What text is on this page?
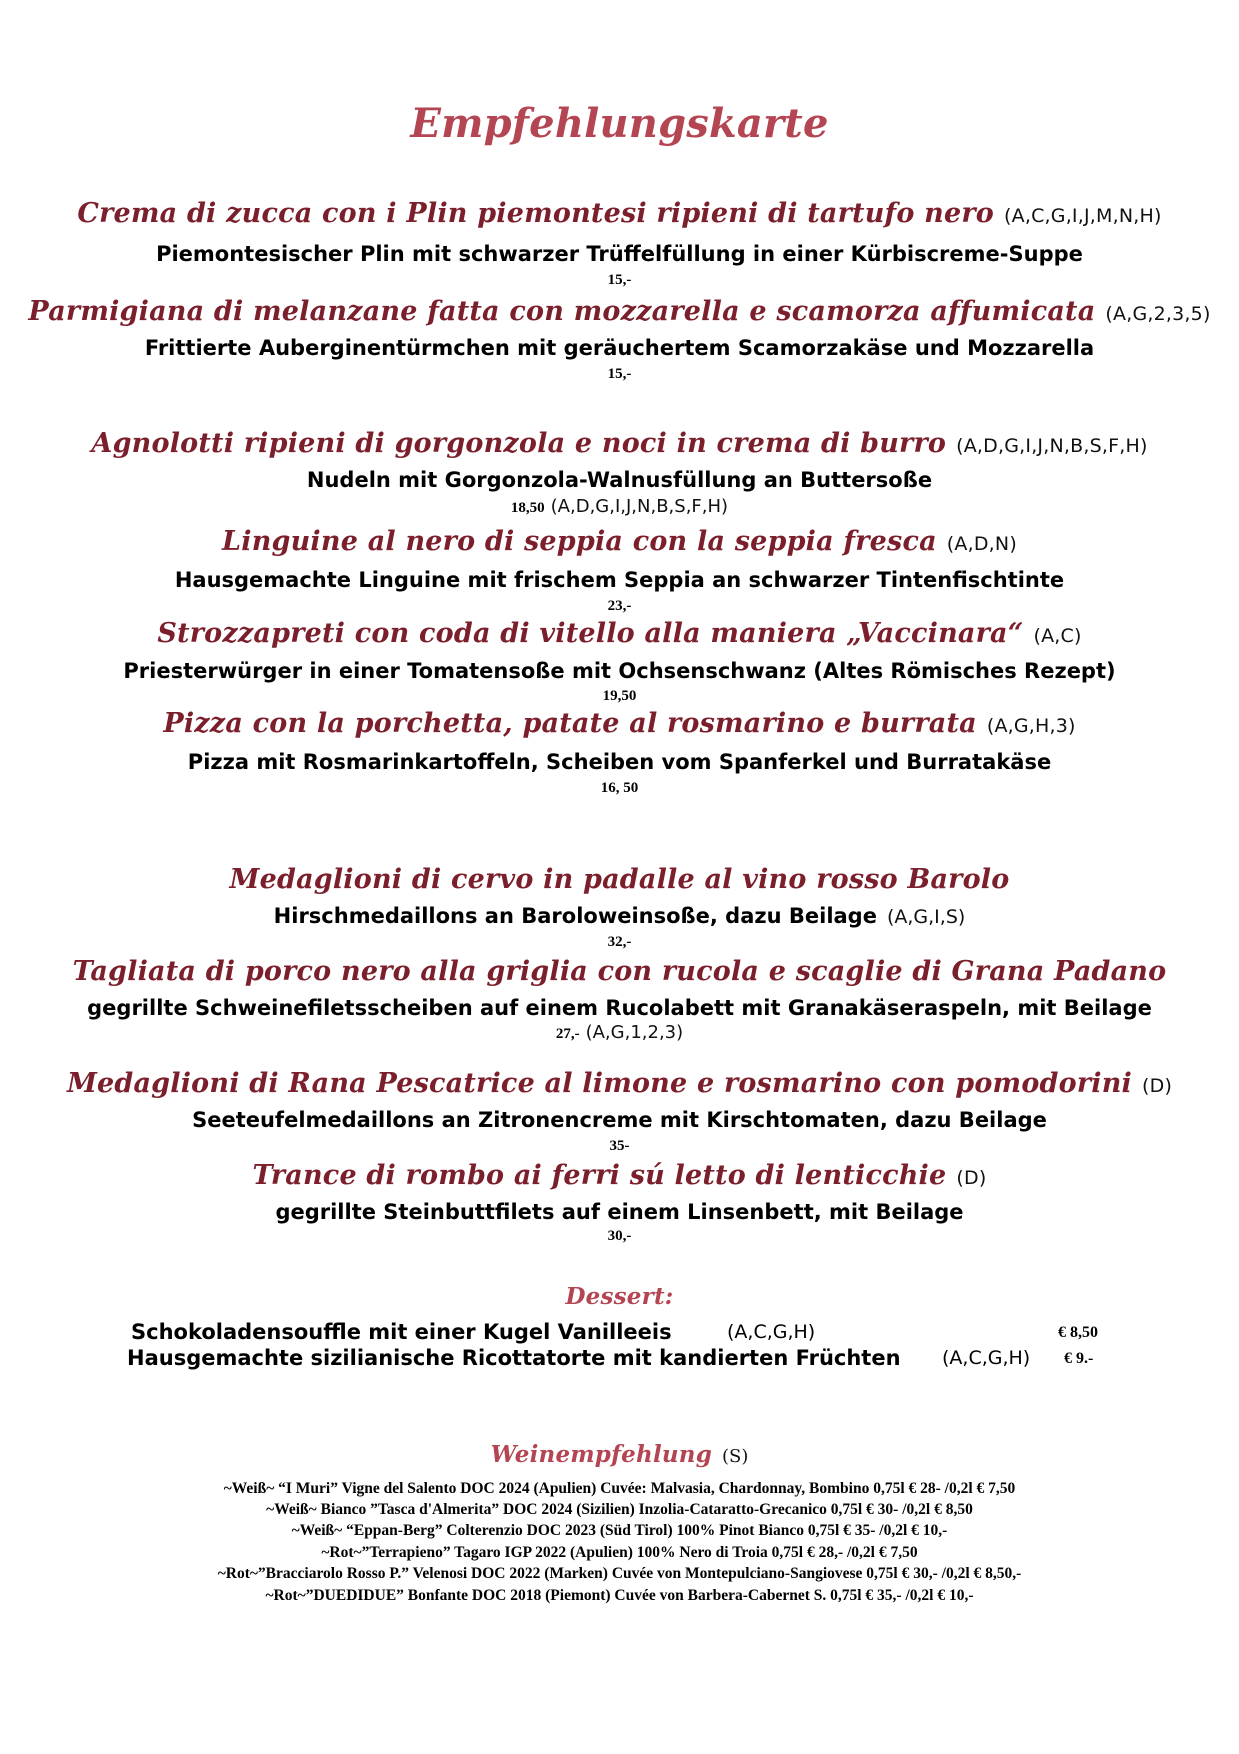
Empfehlungskarte
Crema di zucca con i Plin piemontesi ripieni di tartufo nero (A,C,G,I,J,M,N,H)
Piemontesischer Plin mit schwarzer Trüffelfüllung in einer Kürbiscreme-Suppe
15,-
Parmigiana di melanzane fatta con mozzarella e scamorza affumicata (A,G,2,3,5)
Frittierte Auberginentürmchen mit geräuchertem Scamorzakäse und Mozzarella
15,-
Agnolotti ripieni di gorgonzola e noci in crema di burro (A,D,G,I,J,N,B,S,F,H)
Nudeln mit Gorgonzola-Walnusfüllung an Buttersoße
18,50 (A,D,G,I,J,N,B,S,F,H)
Linguine al nero di seppia con la seppia fresca (A,D,N)
Hausgemachte Linguine mit frischem Seppia an schwarzer Tintenfischtinte
23,-
Strozzapreti con coda di vitello alla maniera „Vaccinara“ (A,C)
Priesterwürger in einer Tomatensoße mit Ochsenschwanz (Altes Römisches Rezept)
19,50
Pizza con la porchetta, patate al rosmarino e burrata (A,G,H,3)
Pizza mit Rosmarinkartoffeln, Scheiben vom Spanferkel und Burratakäse
16, 50
Medaglioni di cervo in padalle al vino rosso Barolo
Hirschmedaillons an Baroloweinsoße, dazu Beilage (A,G,I,S)
32,-
Tagliata di porco nero alla griglia con rucola e scaglie di Grana Padano
gegrillte Schweinefiletsscheiben auf einem Rucolabett mit Granakäseraspeln, mit Beilage
27,- (A,G,1,2,3)
Medaglioni di Rana Pescatrice al limone e rosmarino con pomodorini (D)
Seeteufelmedaillons an Zitronencreme mit Kirschtomaten, dazu Beilage
35-
Trance di rombo ai ferri sú letto di lenticchie (D)
gegrillte Steinbuttfilets auf einem Linsenbett, mit Beilage
30,-
Dessert:
Schokoladensouffle mit einer Kugel Vanilleeis	(A,C,G,H)	€ 8,50
Hausgemachte sizilianische Ricottatorte mit kandierten Früchten (A,C,G,H) € 9.-
Weinempfehlung (S)
~Weiß~ “I Muri” Vigne del Salento DOC 2024 (Apulien) Cuvée: Malvasia, Chardonnay, Bombino 0,75l € 28- /0,2l € 7,50
~Weiß~ Bianco ”Tasca d'Almerita” DOC 2024 (Sizilien) Inzolia-Cataratto-Grecanico 0,75l € 30- /0,2l € 8,50
~Weiß~ “Eppan-Berg” Colterenzio DOC 2023 (Süd Tirol) 100% Pinot Bianco 0,75l € 35- /0,2l € 10,-
~Rot~”Terrapieno” Tagaro IGP 2022 (Apulien) 100% Nero di Troia 0,75l € 28,- /0,2l € 7,50
~Rot~”Bracciarolo Rosso P.” Velenosi DOC 2022 (Marken) Cuvée von Montepulciano-Sangiovese 0,75l € 30,- /0,2l € 8,50,-
~Rot~”DUEDIDUE” Bonfante DOC 2018 (Piemont) Cuvée von Barbera-Cabernet S. 0,75l € 35,- /0,2l € 10,-
